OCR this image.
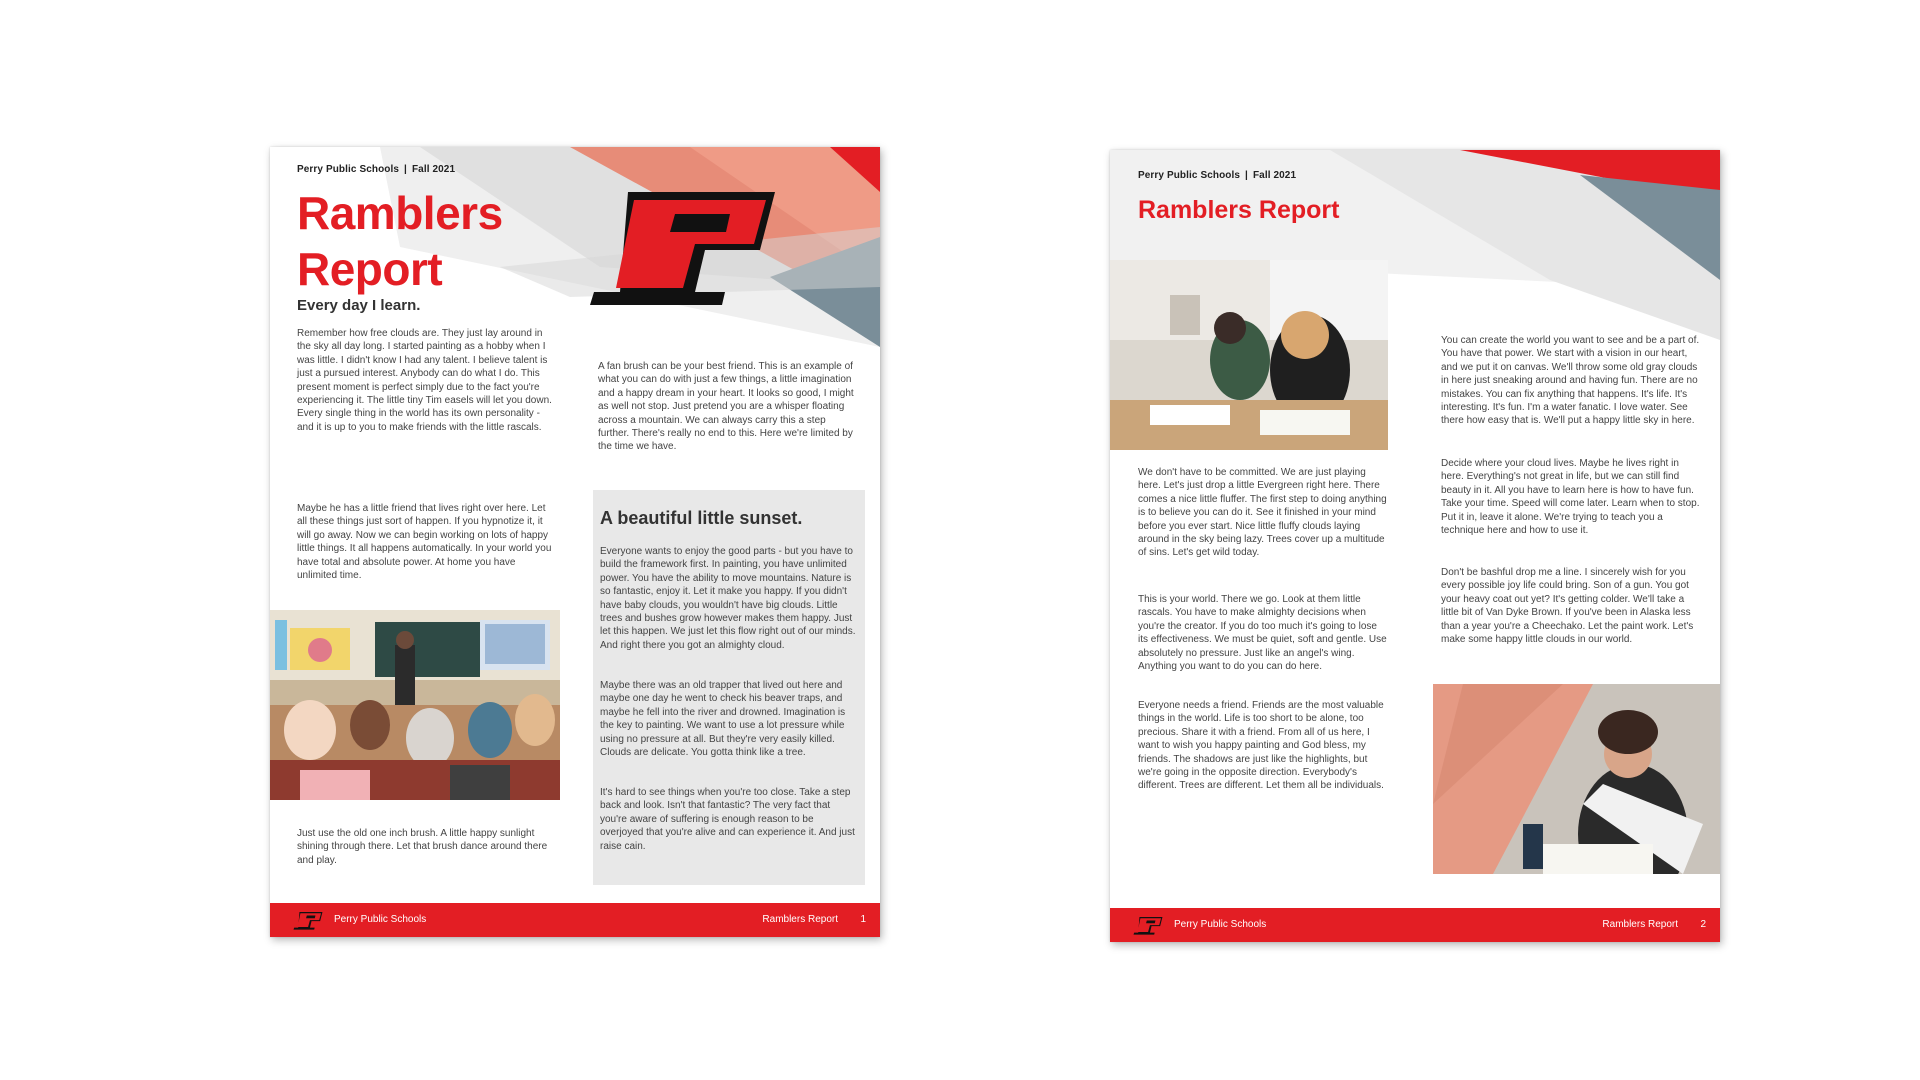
Perry Public Schools | Fall 2021
Ramblers
Report
P
Every day I learn.

Remember how free clouds are. They just lay around in the sky all day long. I started painting as a hobby when I was little. I didn't know I had any talent. I believe talent is just a pursued interest. Anybody can do what I do. This present moment is perfect simply due to the fact you're experiencing it. The little tiny Tim easels will let you down. Every single thing in the world has its own personality - and it is up to you to make friends with the little rascals.

Maybe he has a little friend that lives right over here. Let all these things just sort of happen. If you hypnotize it, it will go away. Now we can begin working on lots of happy little things. It all happens automatically. In your world you have total and absolute power. At home you have unlimited time.

Just use the old one inch brush. A little happy sunlight shining through there. Let that brush dance around there and play.

A fan brush can be your best friend. This is an example of what you can do with just a few things, a little imagination and a happy dream in your heart. It looks so good, I might as well not stop. Just pretend you are a whisper floating across a mountain. We can always carry this a step further. There's really no end to this. Here we're limited by the time we have.

A beautiful little sunset.

Everyone wants to enjoy the good parts - but you have to build the framework first. In painting, you have unlimited power. You have the ability to move mountains. Nature is so fantastic, enjoy it. Let it make you happy. If you didn't have baby clouds, you wouldn't have big clouds. Little trees and bushes grow however makes them happy. Just let this happen. We just let this flow right out of our minds. And right there you got an almighty cloud.

Maybe there was an old trapper that lived out here and maybe one day he went to check his beaver traps, and maybe he fell into the river and drowned. Imagination is the key to painting. We want to use a lot pressure while using no pressure at all. But they're very easily killed. Clouds are delicate. You gotta think like a tree.

It's hard to see things when you're too close. Take a step back and look. Isn't that fantastic? The very fact that you're aware of suffering is enough reason to be overjoyed that you're alive and can experience it. And just raise cain.

Perry Public Schools	Ramblers Report 1
Perry Public Schools | Fall 2021
Ramblers Report

We don't have to be committed. We are just playing here. Let's just drop a little Evergreen right here. There comes a nice little fluffer. The first step to doing anything is to believe you can do it. See it finished in your mind before you ever start. Nice little fluffy clouds laying around in the sky being lazy. Trees cover up a multitude of sins. Let's get wild today.

This is your world. There we go. Look at them little rascals. You have to make almighty decisions when you're the creator. If you do too much it's going to lose its effectiveness. We must be quiet, soft and gentle. Use absolutely no pressure. Just like an angel's wing. Anything you want to do you can do here.

Everyone needs a friend. Friends are the most valuable things in the world. Life is too short to be alone, too precious. Share it with a friend. From all of us here, I want to wish you happy painting and God bless, my friends. The shadows are just like the highlights, but we're going in the opposite direction. Everybody's different. Trees are different. Let them all be individuals.

You can create the world you want to see and be a part of. You have that power. We start with a vision in our heart, and we put it on canvas. We'll throw some old gray clouds in here just sneaking around and having fun. There are no mistakes. You can fix anything that happens. It's life. It's interesting. It's fun. I'm a water fanatic. I love water. See there how easy that is. We'll put a happy little sky in here.

Decide where your cloud lives. Maybe he lives right in here. Everything's not great in life, but we can still find beauty in it. All you have to learn here is how to have fun. Take your time. Speed will come later. Learn when to stop. Put it in, leave it alone. We're trying to teach you a technique here and how to use it.

Don't be bashful drop me a line. I sincerely wish for you every possible joy life could bring. Son of a gun. You got your heavy coat out yet? It's getting colder. We'll take a little bit of Van Dyke Brown. If you've been in Alaska less than a year you're a Cheechako. Let the paint work. Let's make some happy little clouds in our world.

Perry Public Schools	Ramblers Report 2
